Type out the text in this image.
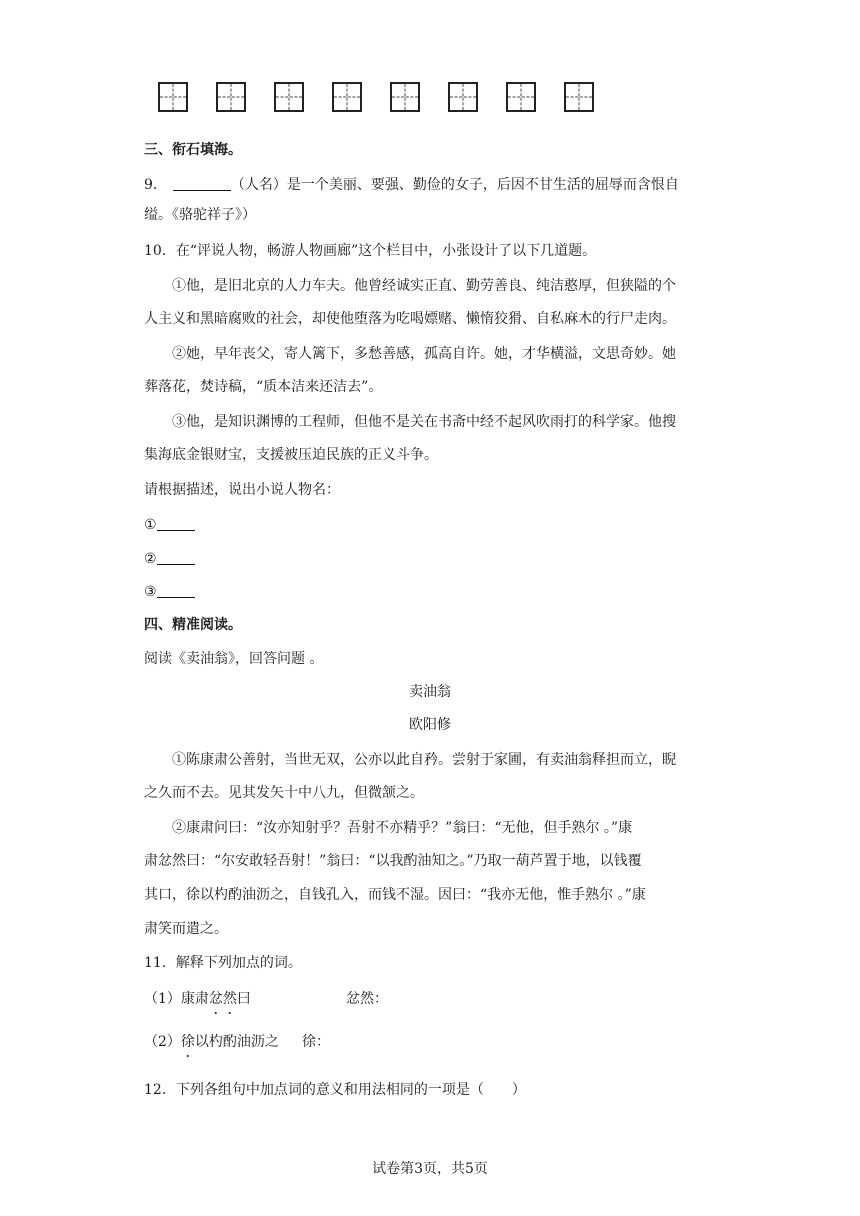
三、衔石填海。
9．	（人名）是一个美丽、要强、勤俭的女子，后因不甘生活的屈辱而含恨自
缢。《骆驼祥子》）
10．在“评说人物，畅游人物画廊”这个栏目中，小张设计了以下几道题。
①他，是旧北京的人力车夫。他曾经诚实正直、勤劳善良、纯洁憨厚，但狭隘的个
人主义和黑暗腐败的社会，却使他堕落为吃喝嫖赌、懒惰狡猾、自私麻木的行尸走肉。
②她，早年丧父，寄人篱下，多愁善感，孤高自许。她，才华横溢，文思奇妙。她
葬落花，焚诗稿，“质本洁来还洁去”。
③他，是知识渊博的工程师，但他不是关在书斋中经不起风吹雨打的科学家。他搜
集海底金银财宝，支援被压迫民族的正义斗争。
请根据描述，说出小说人物名：
①
②
③
四、精准阅读。
阅读《卖油翁》，回答问题 。
卖油翁
欧阳修
①陈康肃公善射，当世无双，公亦以此自矜。尝射于家圃，有卖油翁释担而立，睨
之久而不去。见其发矢十中八九，但微颔之。
②康肃问曰：“汝亦知射乎？吾射不亦精乎？”翁曰：“无他，但手熟尔 。”康
肃忿然曰：“尔安敢轻吾射！”翁曰：“以我酌油知之。”乃取一葫芦置于地，以钱覆
其口，徐以杓酌油沥之，自钱孔入，而钱不湿。因曰：“我亦无他，惟手熟尔 。”康
肃笑而遣之。
11．解释下列加点的词。
（1）康肃忿然曰	忿然：
（2）徐以杓酌油沥之 徐：
12．下列各组句中加点词的意义和用法相同的一项是（　　）
试卷第3页，共5页
